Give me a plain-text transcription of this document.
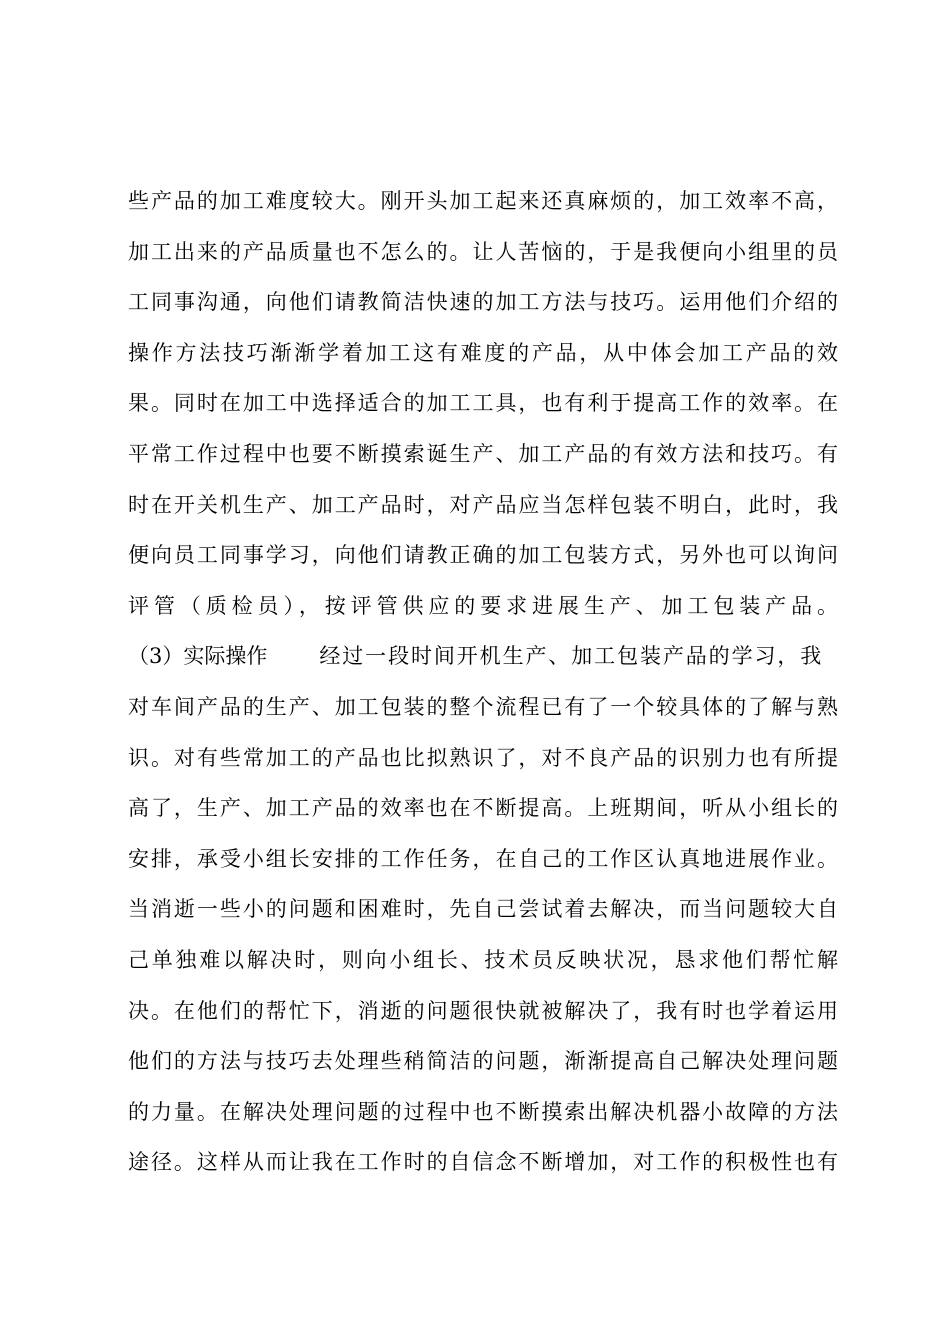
些产品的加工难度较大。刚开头加工起来还真麻烦的，加工效率不高，
加工出来的产品质量也不怎么的。让人苦恼的，于是我便向小组里的员
工同事沟通，向他们请教简洁快速的加工方法与技巧。运用他们介绍的
操作方法技巧渐渐学着加工这有难度的产品，从中体会加工产品的效
果。同时在加工中选择适合的加工工具，也有利于提高工作的效率。在
平常工作过程中也要不断摸索诞生产、加工产品的有效方法和技巧。有
时在开关机生产、加工产品时，对产品应当怎样包装不明白，此时，我
便向员工同事学习，向他们请教正确的加工包装方式，另外也可以询问
评管（质检员），按评管供应的要求进展生产、加工包装产品。
（3）实际操作 经过一段时间开机生产、加工包装产品的学习，我
对车间产品的生产、加工包装的整个流程已有了一个较具体的了解与熟
识。对有些常加工的产品也比拟熟识了，对不良产品的识别力也有所提
高了，生产、加工产品的效率也在不断提高。上班期间，听从小组长的
安排，承受小组长安排的工作任务，在自己的工作区认真地进展作业。
当消逝一些小的问题和困难时，先自己尝试着去解决，而当问题较大自
己单独难以解决时，则向小组长、技术员反映状况，恳求他们帮忙解
决。在他们的帮忙下，消逝的问题很快就被解决了，我有时也学着运用
他们的方法与技巧去处理些稍简洁的问题，渐渐提高自己解决处理问题
的力量。在解决处理问题的过程中也不断摸索出解决机器小故障的方法
途径。这样从而让我在工作时的自信念不断增加，对工作的积极性也有
